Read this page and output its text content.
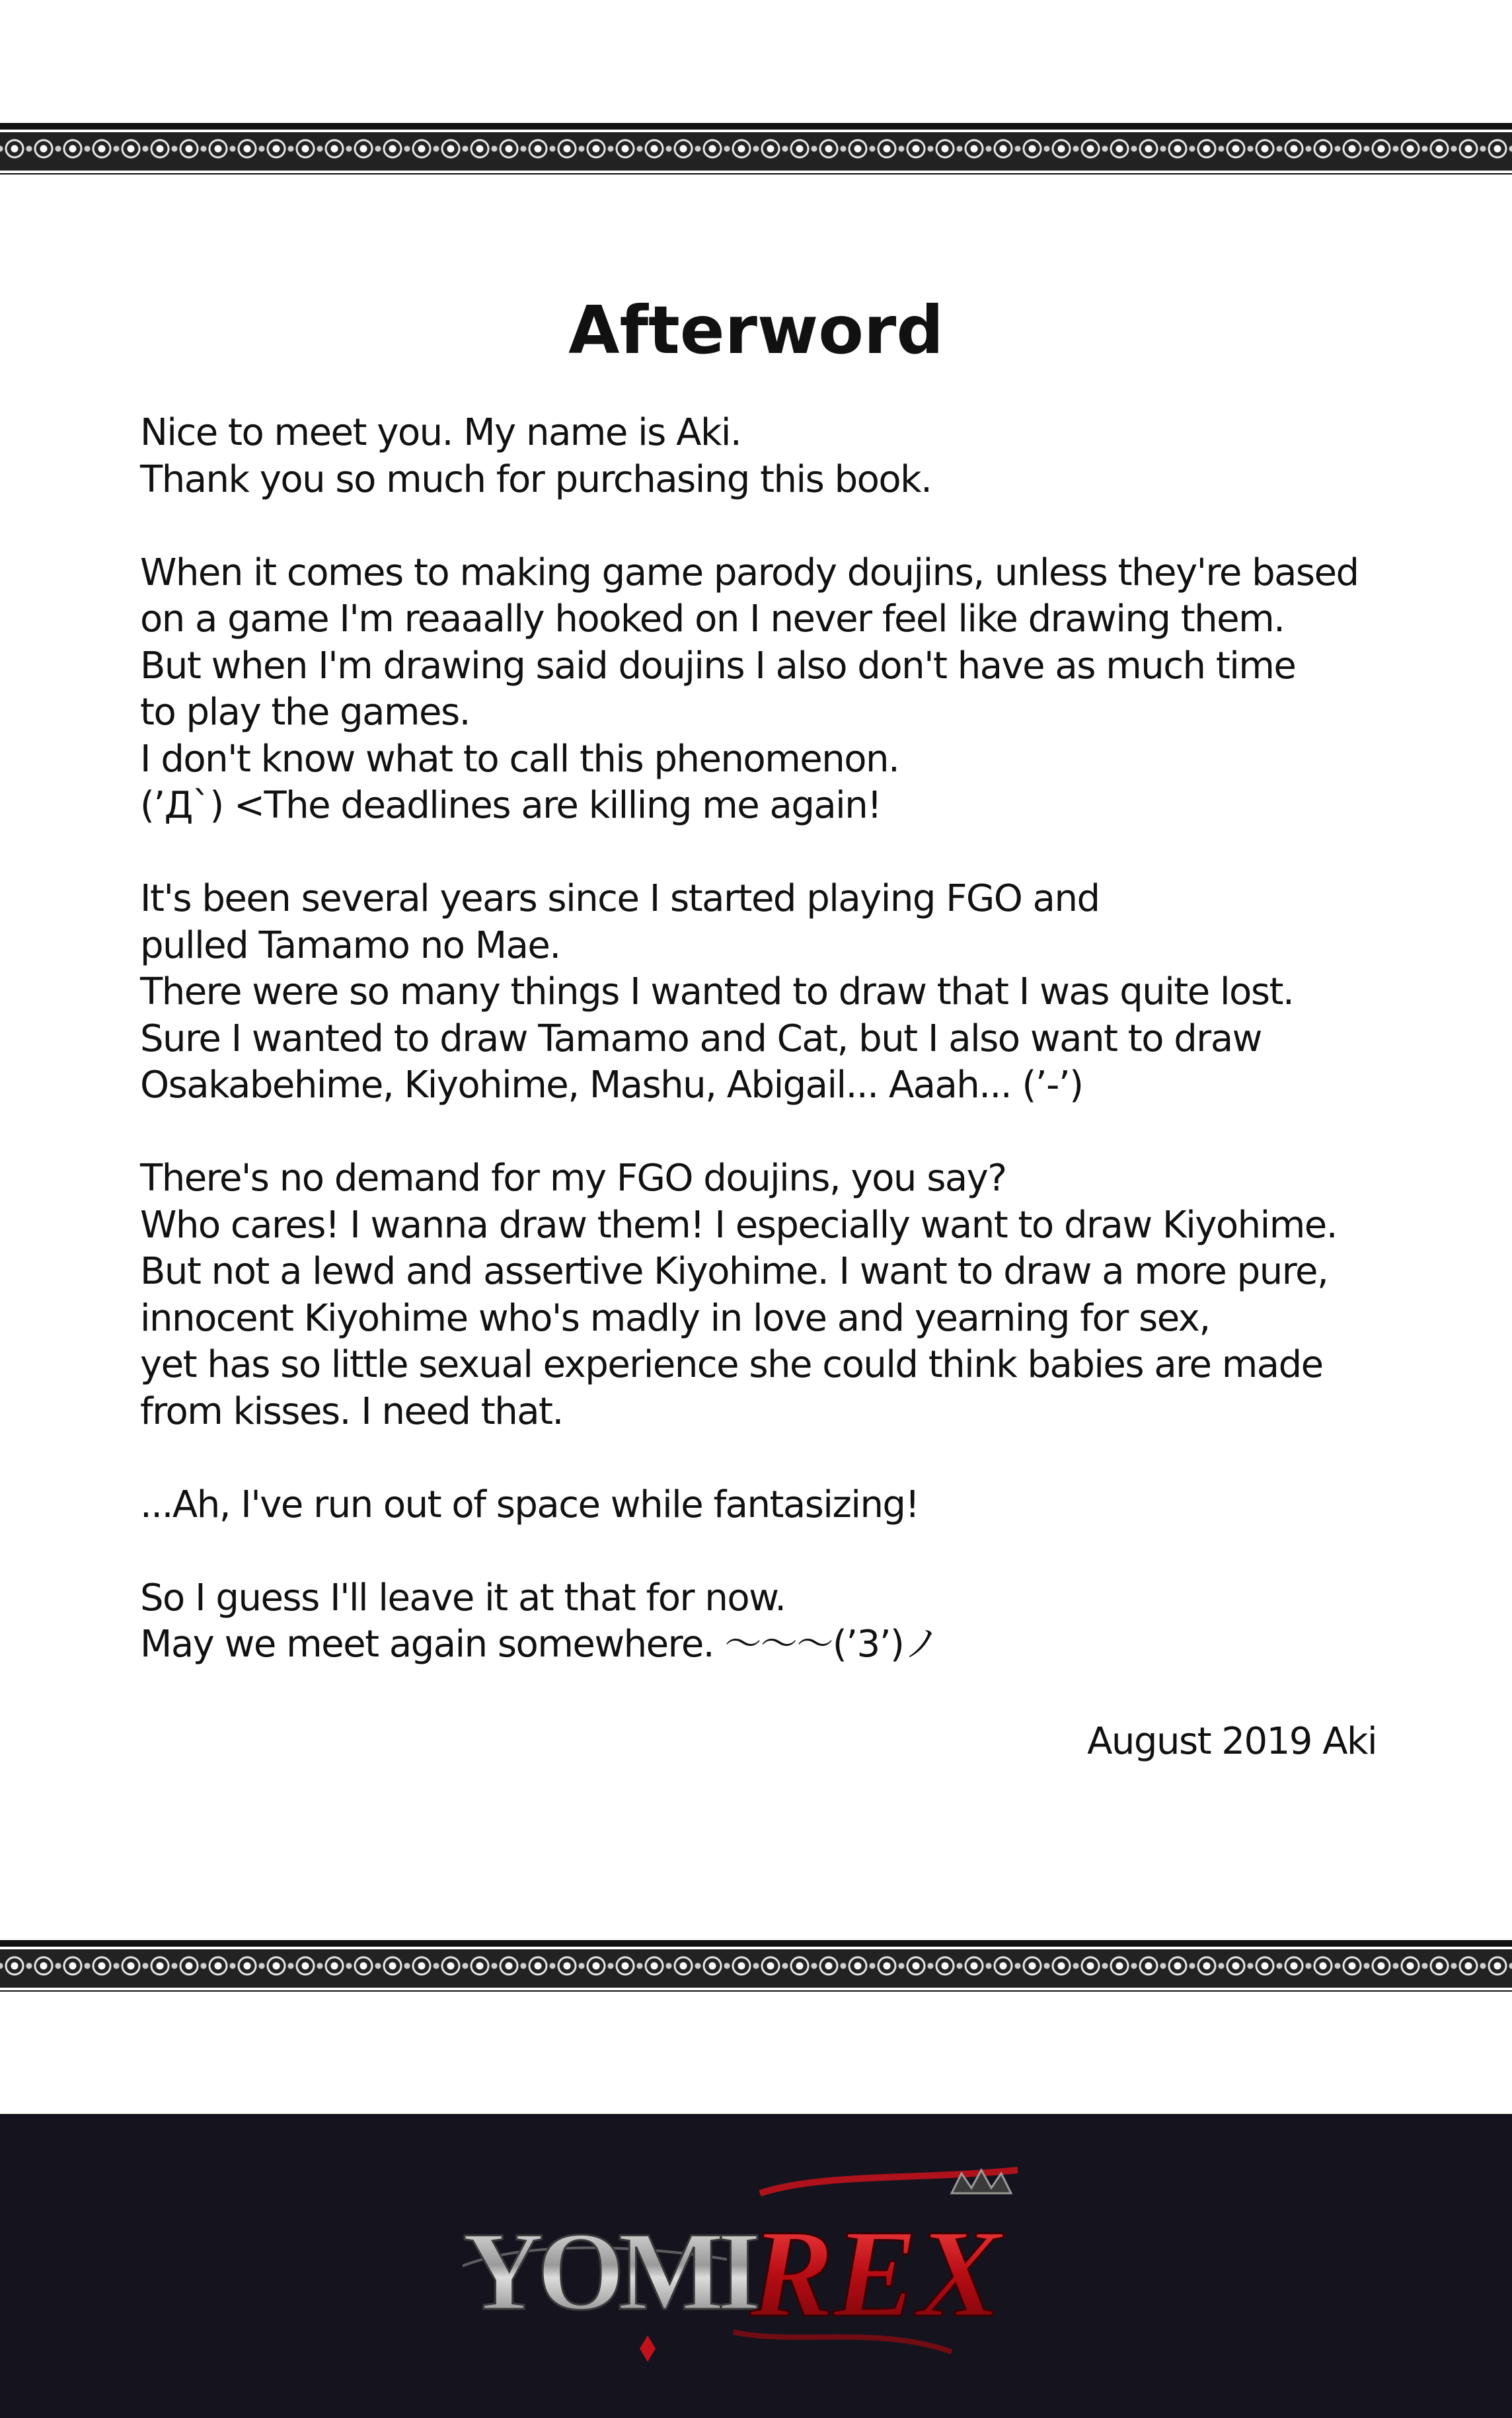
Afterword
Nice to meet you. My name is Aki.
Thank you so much for purchasing this book.
When it comes to making game parody doujins, unless they're based
on a game I'm reaaally hooked on I never feel like drawing them.
But when I'm drawing said doujins I also don't have as much time
to play the games.
I don't know what to call this phenomenon.
(’Д`) <The deadlines are killing me again!
It's been several years since I started playing FGO and
pulled Tamamo no Mae.
There were so many things I wanted to draw that I was quite lost.
Sure I wanted to draw Tamamo and Cat, but I also want to draw
Osakabehime, Kiyohime, Mashu, Abigail... Aaah... (’-’)
There's no demand for my FGO doujins, you say?
Who cares! I wanna draw them! I especially want to draw Kiyohime.
But not a lewd and assertive Kiyohime. I want to draw a more pure,
innocent Kiyohime who's madly in love and yearning for sex,
yet has so little sexual experience she could think babies are made
from kisses. I need that.
...Ah, I've run out of space while fantasizing!
So I guess I'll leave it at that for now.
May we meet again somewhere. ～～～(’3’)ノ
August 2019 Aki
YOMI
REX
